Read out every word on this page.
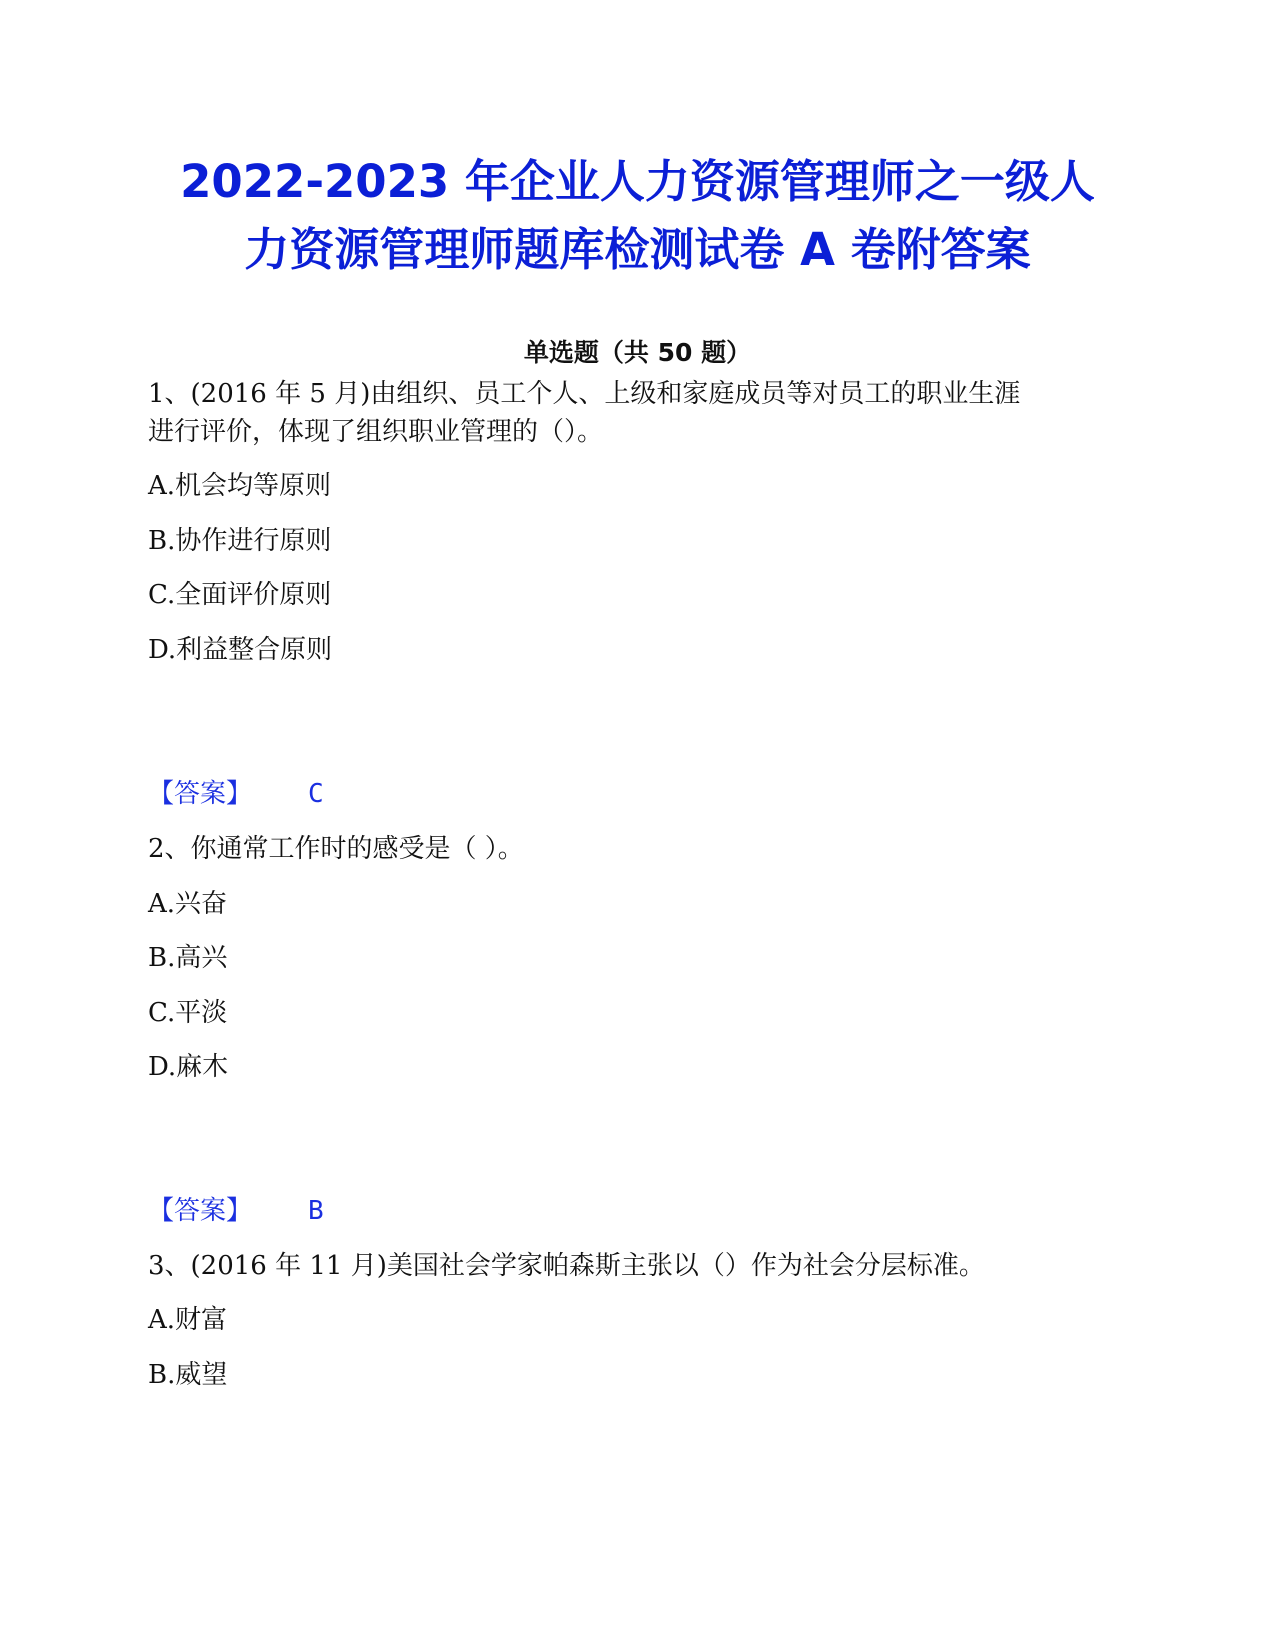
2022-2023 年企业人力资源管理师之一级人
力资源管理师题库检测试卷 A 卷附答案
单选题（共 50 题）
1、(2016 年 5 月)由组织、员工个人、上级和家庭成员等对员工的职业生涯
进行评价，体现了组织职业管理的（）。
A.机会均等原则
B.协作进行原则
C.全面评价原则
D.利益整合原则
【答案】 C
2、你通常工作时的感受是（ ）。
A.兴奋
B.高兴
C.平淡
D.麻木
【答案】 B
3、(2016 年 11 月)美国社会学家帕森斯主张以（）作为社会分层标准。
A.财富
B.威望
